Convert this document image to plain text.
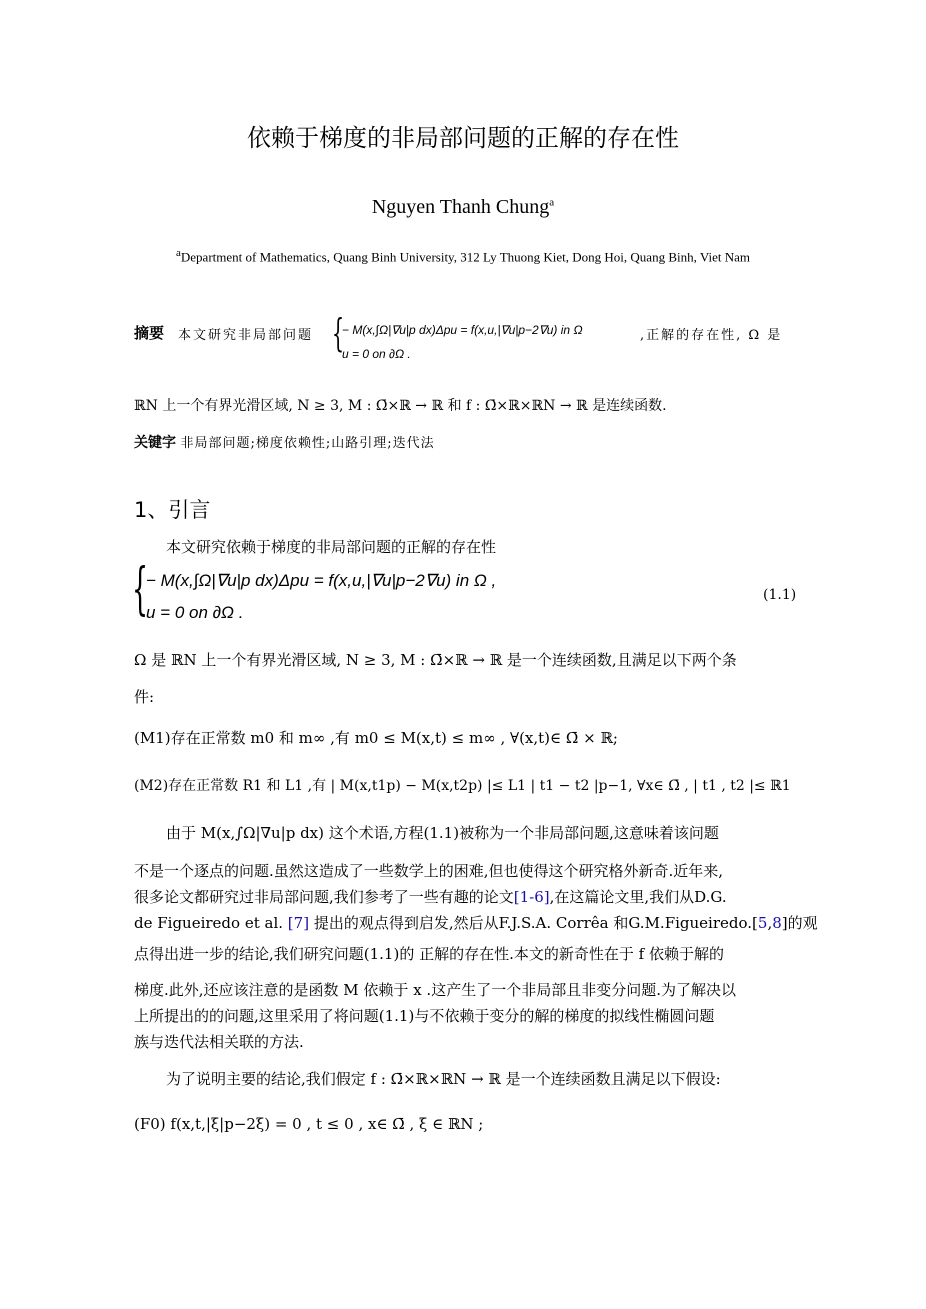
依赖于梯度的非局部问题的正解的存在性
Nguyen Thanh Chung$^a$
$^a$Department of Mathematics, Quang Binh University, 312 Ly Thuong Kiet, Dong Hoi, Quang Binh, Viet Nam
摘要 本文研究非局部问题 {
− M(x,∫Ω|∇u|p dx)Δpu = f(x,u,|∇u|p−2∇u) in Ω
u = 0 on ∂Ω .
,正解的存在性, Ω 是
ℝN 上一个有界光滑区域, N ≥ 3, M : Ω̄×ℝ → ℝ 和 f : Ω̄×ℝ×ℝN → ℝ 是连续函数.
关键字 非局部问题;梯度依赖性;山路引理;迭代法
1、引言
本文研究依赖于梯度的非局部问题的正解的存在性
{
− M(x,∫Ω|∇u|p dx)Δpu = f(x,u,|∇u|p−2∇u) in Ω ,
u = 0 on ∂Ω .
(1.1)
Ω 是 ℝN 上一个有界光滑区域, N ≥ 3, M : Ω̄×ℝ → ℝ 是一个连续函数,且满足以下两个条
件:
(M1)存在正常数 m0 和 m∞ ,有 m0 ≤ M(x,t) ≤ m∞ , ∀(x,t)∈ Ω̄ × ℝ;
(M2)存在正常数 R1 和 L1 ,有 | M(x,t1p) − M(x,t2p) |≤ L1 | t1 − t2 |p−1, ∀x∈ Ω̄ , | t1 , t2 |≤ ℝ1
由于 M(x,∫Ω|∇u|p dx) 这个术语,方程(1.1)被称为一个非局部问题,这意味着该问题
不是一个逐点的问题.虽然这造成了一些数学上的困难,但也使得这个研究格外新奇.近年来,
很多论文都研究过非局部问题,我们参考了一些有趣的论文[1-6],在这篇论文里,我们从D.G.
de Figueiredo et al. [7] 提出的观点得到启发,然后从F.J.S.A. Corrêa 和G.M.Figueiredo.[5,8]的观
点得出进一步的结论,我们研究问题(1.1)的 正解的存在性.本文的新奇性在于 f 依赖于解的
梯度.此外,还应该注意的是函数 M 依赖于 x .这产生了一个非局部且非变分问题.为了解决以
上所提出的的问题,这里采用了将问题(1.1)与不依赖于变分的解的梯度的拟线性椭圆问题
族与迭代法相关联的方法.
为了说明主要的结论,我们假定 f : Ω̄×ℝ×ℝN → ℝ 是一个连续函数且满足以下假设:
(F0) f(x,t,|ξ|p−2ξ) = 0 , t ≤ 0 , x∈ Ω̄ , ξ ∈ ℝN ;
